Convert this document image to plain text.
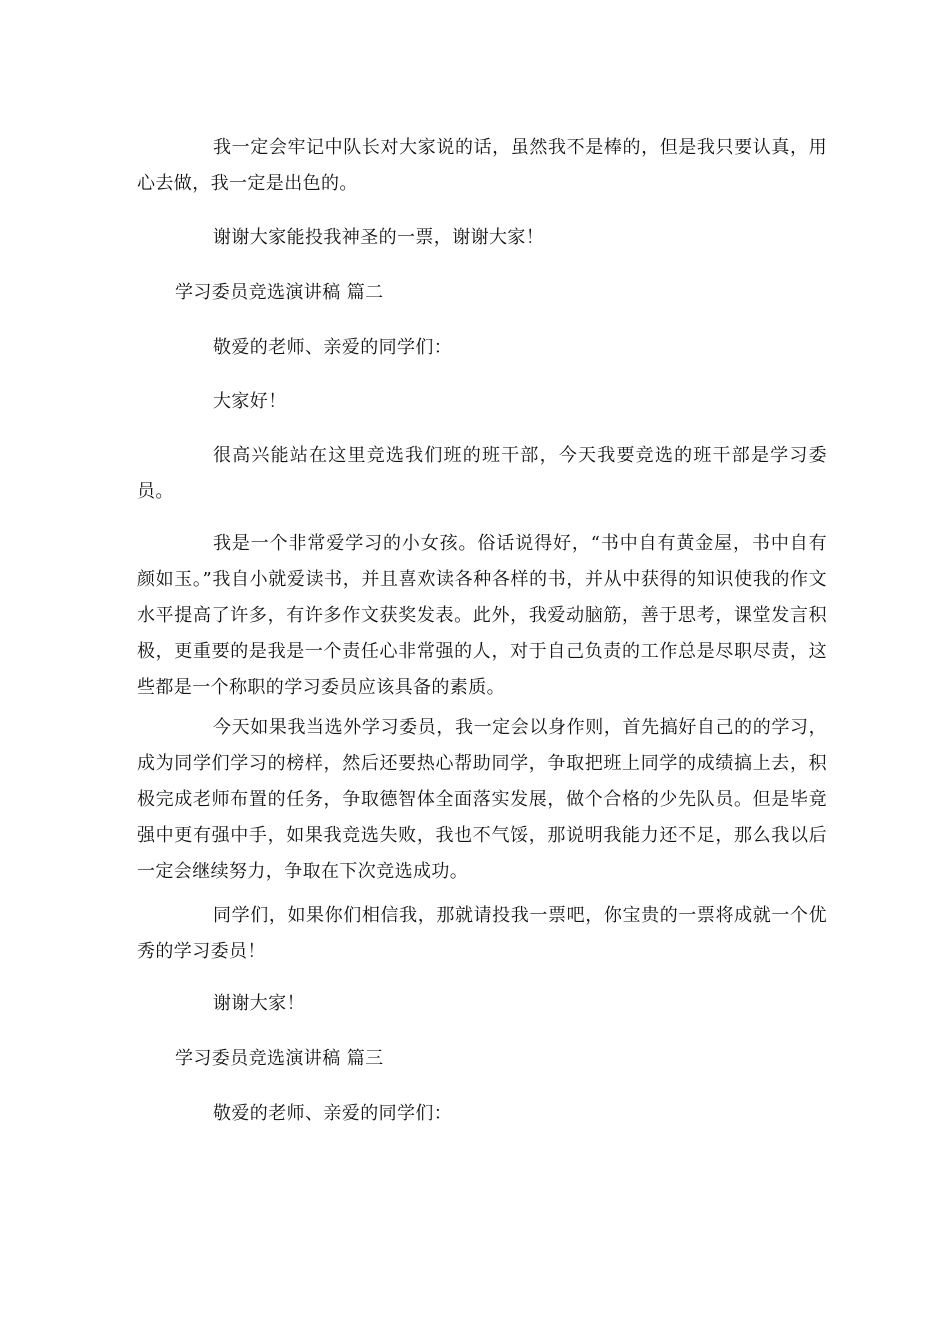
我一定会牢记中队长对大家说的话，虽然我不是棒的，但是我只要认真，用心去做，我一定是出色的。

谢谢大家能投我神圣的一票，谢谢大家！

学习委员竞选演讲稿 篇二

敬爱的老师、亲爱的同学们：

大家好！

很高兴能站在这里竞选我们班的班干部，今天我要竞选的班干部是学习委员。

我是一个非常爱学习的小女孩。俗话说得好，“书中自有黄金屋，书中自有颜如玉。”我自小就爱读书，并且喜欢读各种各样的书，并从中获得的知识使我的作文水平提高了许多，有许多作文获奖发表。此外，我爱动脑筋，善于思考，课堂发言积极，更重要的是我是一个责任心非常强的人，对于自己负责的工作总是尽职尽责，这些都是一个称职的学习委员应该具备的素质。

今天如果我当选外学习委员，我一定会以身作则，首先搞好自己的的学习，成为同学们学习的榜样，然后还要热心帮助同学，争取把班上同学的成绩搞上去，积极完成老师布置的任务，争取德智体全面落实发展，做个合格的少先队员。但是毕竟强中更有强中手，如果我竞选失败，我也不气馁，那说明我能力还不足，那么我以后一定会继续努力，争取在下次竞选成功。

同学们，如果你们相信我，那就请投我一票吧，你宝贵的一票将成就一个优秀的学习委员！

谢谢大家！

学习委员竞选演讲稿 篇三

敬爱的老师、亲爱的同学们：
